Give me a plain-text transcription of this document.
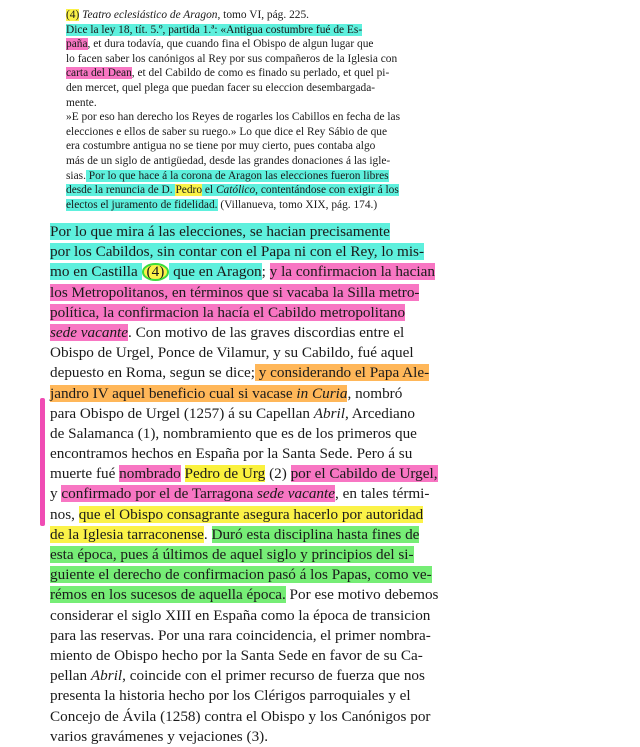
(4) Teatro eclesiástico de Aragon, tomo VI, pág. 225.
Dice la ley 18, tít. 5.º, partida 1.ª: «Antigua costumbre fué de Es-
paña, et dura todavía, que cuando fina el Obispo de algun lugar que
lo facen saber los canónigos al Rey por sus compañeros de la Iglesia con
carta del Dean, et del Cabildo de como es finado su perlado, et quel pi-
den mercet, quel plega que puedan facer su eleccion desembargada-
mente.
»E por eso han derecho los Reyes de rogarles los Cabillos en fecha de las
elecciones e ellos de saber su ruego.» Lo que dice el Rey Sábio de que
era costumbre antigua no se tiene por muy cierto, pues contaba algo
más de un siglo de antigüedad, desde las grandes donaciones á las igle-
sias. Por lo que hace á la corona de Aragon las elecciones fueron libres
desde la renuncia de D. Pedro el Católico, contentándose con exigir á los
electos el juramento de fidelidad. (Villanueva, tomo XIX, pág. 174.)
Por lo que mira á las elecciones, se hacian precisamente
por los Cabildos, sin contar con el Papa ni con el Rey, lo mis-
mo en Castilla (4) que en Aragon; y la confirmacion la hacian
los Metropolitanos, en términos que si vacaba la Silla metro-
política, la confirmacion la hacía el Cabildo metropolitano
sede vacante. Con motivo de las graves discordias entre el
Obispo de Urgel, Ponce de Vilamur, y su Cabildo, fué aquel
depuesto en Roma, segun se dice; y considerando el Papa Ale-
jandro IV aquel beneficio cual si vacase in Curia, nombró
para Obispo de Urgel (1257) á su Capellan Abril, Arcediano
de Salamanca (1), nombramiento que es de los primeros que
encontramos hechos en España por la Santa Sede. Pero á su
muerte fué nombrado Pedro de Urg (2) por el Cabildo de Urgel,
y confirmado por el de Tarragona sede vacante, en tales térmi-
nos, que el Obispo consagrante asegura hacerlo por autoridad
de la Iglesia tarraconense. Duró esta disciplina hasta fines de
esta época, pues á últimos de aquel siglo y principios del si-
guiente el derecho de confirmacion pasó á los Papas, como ve-
rémos en los sucesos de aquella época. Por ese motivo debemos
considerar el siglo XIII en España como la época de transicion
para las reservas. Por una rara coincidencia, el primer nombra-
miento de Obispo hecho por la Santa Sede en favor de su Ca-
pellan Abril, coincide con el primer recurso de fuerza que nos
presenta la historia hecho por los Clérigos parroquiales y el
Concejo de Ávila (1258) contra el Obispo y los Canónigos por
varios gravámenes y vejaciones (3).
